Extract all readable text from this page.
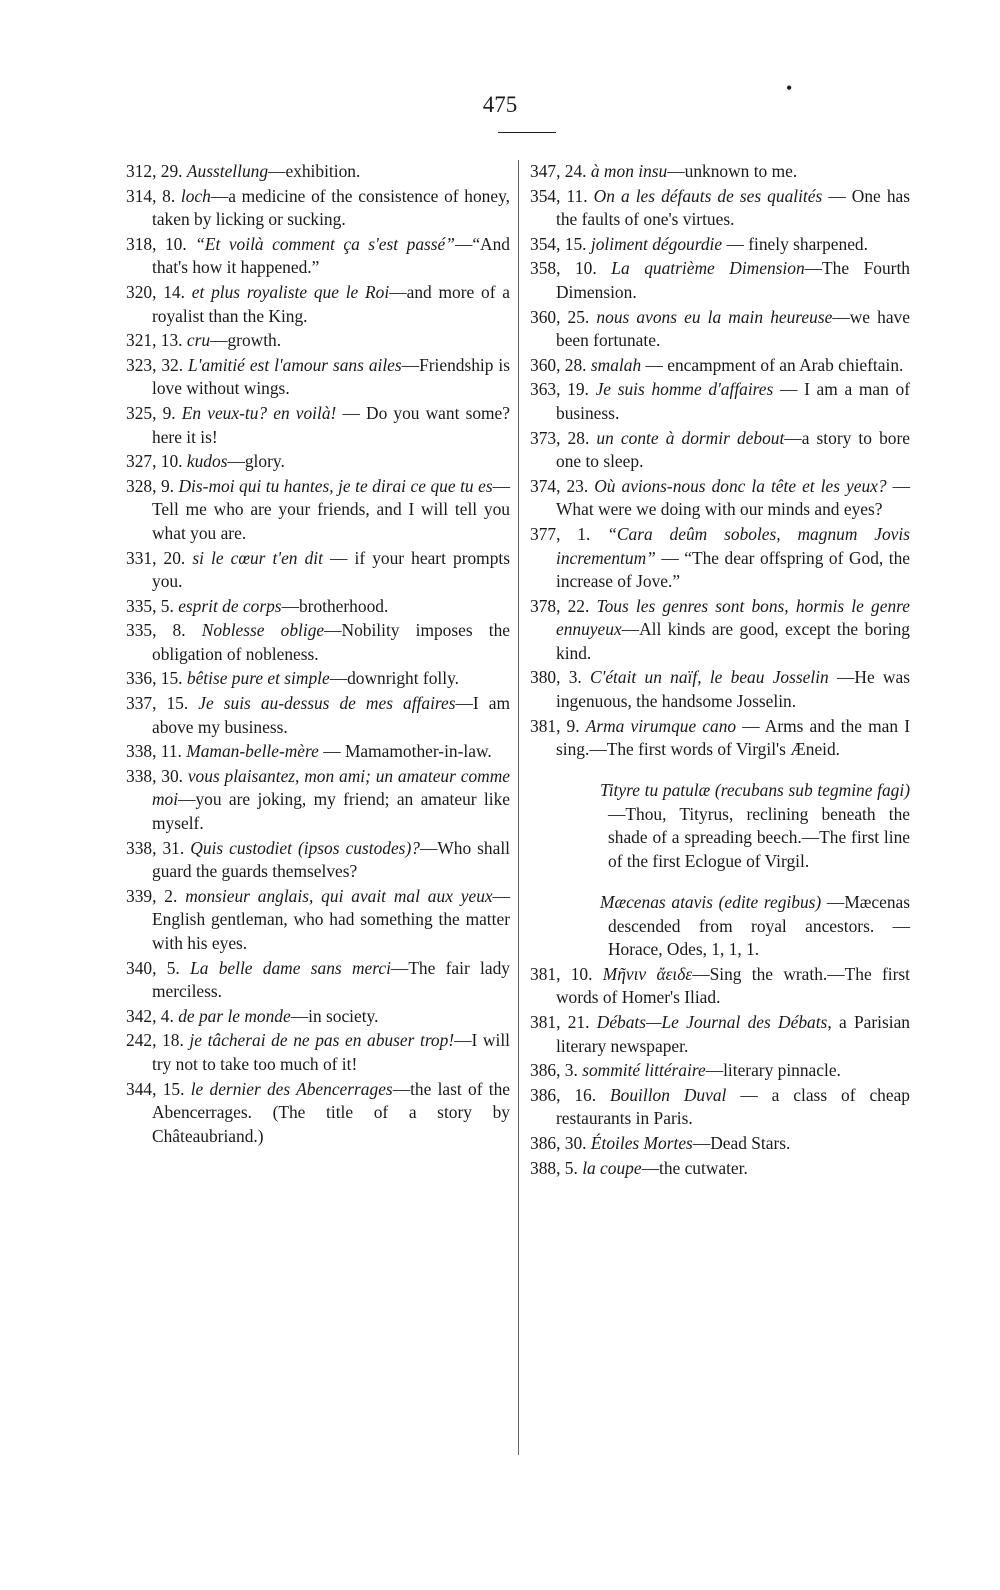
•
475

312, 29. Ausstellung—exhibition.

314, 8. loch—a medicine of the consistence of honey, taken by licking or sucking.

318, 10. “Et voilà comment ça s'est passé”—“And that's how it happened.”

320, 14. et plus royaliste que le Roi—and more of a royalist than the King.

321, 13. cru—growth.

323, 32. L'amitié est l'amour sans ailes—Friendship is love without wings.

325, 9. En veux-tu? en voilà! — Do you want some? here it is!

327, 10. kudos—glory.

328, 9. Dis-moi qui tu hantes, je te dirai ce que tu es—Tell me who are your friends, and I will tell you what you are.

331, 20. si le cœur t'en dit — if your heart prompts you.

335, 5. esprit de corps—brotherhood.

335, 8. Noblesse oblige—Nobility imposes the obligation of nobleness.

336, 15. bêtise pure et simple—downright folly.

337, 15. Je suis au-dessus de mes affaires—I am above my business.

338, 11. Maman-belle-mère — Mamamother-in-law.

338, 30. vous plaisantez, mon ami; un amateur comme moi—you are joking, my friend; an amateur like myself.

338, 31. Quis custodiet (ipsos custodes)?—Who shall guard the guards themselves?

339, 2. monsieur anglais, qui avait mal aux yeux—English gentleman, who had something the matter with his eyes.

340, 5. La belle dame sans merci—The fair lady merciless.

342, 4. de par le monde—in society.

242, 18. je tâcherai de ne pas en abuser trop!—I will try not to take too much of it!

344, 15. le dernier des Abencerrages—the last of the Abencerrages. (The title of a story by Châteaubriand.)

347, 24. à mon insu—unknown to me.

354, 11. On a les défauts de ses qualités — One has the faults of one's virtues.

354, 15. joliment dégourdie — finely sharpened.

358, 10. La quatrième Dimension—The Fourth Dimension.

360, 25. nous avons eu la main heureuse—we have been fortunate.

360, 28. smalah — encampment of an Arab chieftain.

363, 19. Je suis homme d'affaires — I am a man of business.

373, 28. un conte à dormir debout—a story to bore one to sleep.

374, 23. Où avions-nous donc la tête et les yeux? — What were we doing with our minds and eyes?

377, 1. “Cara deûm soboles, magnum Jovis incrementum” — “The dear offspring of God, the increase of Jove.”

378, 22. Tous les genres sont bons, hormis le genre ennuyeux—All kinds are good, except the boring kind.

380, 3. C'était un naïf, le beau Josselin —He was ingenuous, the handsome Josselin.

381, 9. Arma virumque cano — Arms and the man I sing.—The first words of Virgil's Æneid.

Tityre tu patulæ (recubans sub tegmine fagi)—Thou, Tityrus, reclining beneath the shade of a spreading beech.—The first line of the first Eclogue of Virgil.

Mæcenas atavis (edite regibus) —Mæcenas descended from royal ancestors. — Horace, Odes, 1, 1, 1.

381, 10. Μῆνιν ἄειδε—Sing the wrath.—The first words of Homer's Iliad.

381, 21. Débats—Le Journal des Débats, a Parisian literary newspaper.

386, 3. sommité littéraire—literary pinnacle.

386, 16. Bouillon Duval — a class of cheap restaurants in Paris.

386, 30. Étoiles Mortes—Dead Stars.

388, 5. la coupe—the cutwater.
